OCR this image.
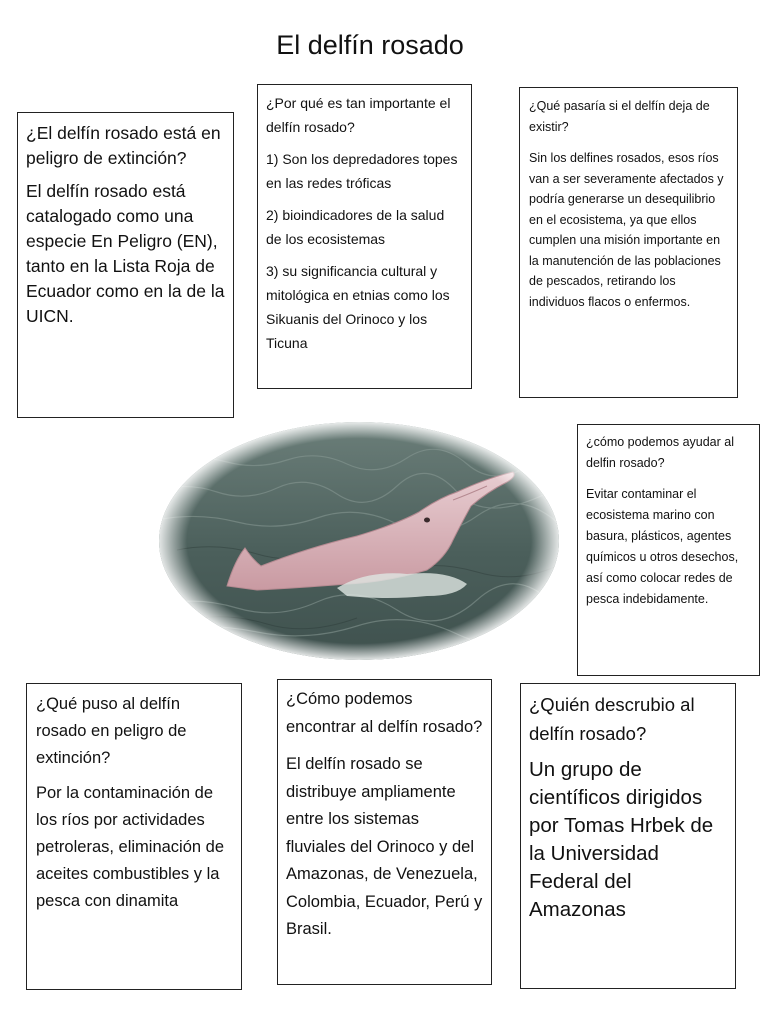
El delfín rosado

¿El delfín rosado está en peligro de extinción?

El delfín rosado está catalogado como una especie En Peligro (EN), tanto en la Lista Roja de Ecuador como en la de la UICN.

¿Por qué es tan importante el delfín rosado?

1) Son los depredadores topes en las redes tróficas

2) bioindicadores de la salud de los ecosistemas

3) su significancia cultural y mitológica en etnias como los Sikuanis del Orinoco y los Ticuna

¿Qué pasaría si el delfín deja de existir?

Sin los delfines rosados, esos ríos van a ser severamente afectados y podría generarse un desequilibrio en el ecosistema, ya que ellos cumplen una misión importante en la manutención de las poblaciones de pescados, retirando los individuos flacos o enfermos.

¿cómo podemos ayudar al delfin rosado?

Evitar contaminar el ecosistema marino con basura, plásticos, agentes químicos u otros desechos, así como colocar redes de pesca indebidamente.

¿Qué puso al delfín rosado en peligro de extinción?

Por la contaminación de los ríos por actividades petroleras, eliminación de aceites combustibles y la pesca con dinamita

¿Cómo podemos encontrar al delfín rosado?

El delfín rosado se distribuye ampliamente entre los sistemas fluviales del Orinoco y del Amazonas, de Venezuela, Colombia, Ecuador, Perú y Brasil.

¿Quién descrubio al delfín rosado?

Un grupo de científicos dirigidos por Tomas Hrbek de la Universidad Federal del Amazonas
